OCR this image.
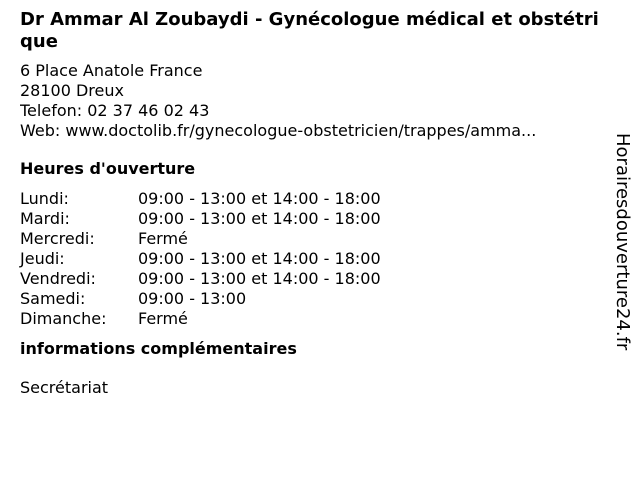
Dr Ammar Al Zoubaydi - Gynécologue médical et obstétrique
6 Place Anatole France
28100 Dreux
Telefon: 02 37 46 02 43
Web: www.doctolib.fr/gynecologue-obstetricien/trappes/amma...
Heures d'ouverture
Lundi:	09:00 - 13:00 et 14:00 - 18:00
Mardi:	09:00 - 13:00 et 14:00 - 18:00
Mercredi:	Fermé
Jeudi:	09:00 - 13:00 et 14:00 - 18:00
Vendredi:	09:00 - 13:00 et 14:00 - 18:00
Samedi:	09:00 - 13:00
Dimanche:	Fermé
informations complémentaires
Secrétariat
Horairesdouverture24.fr
